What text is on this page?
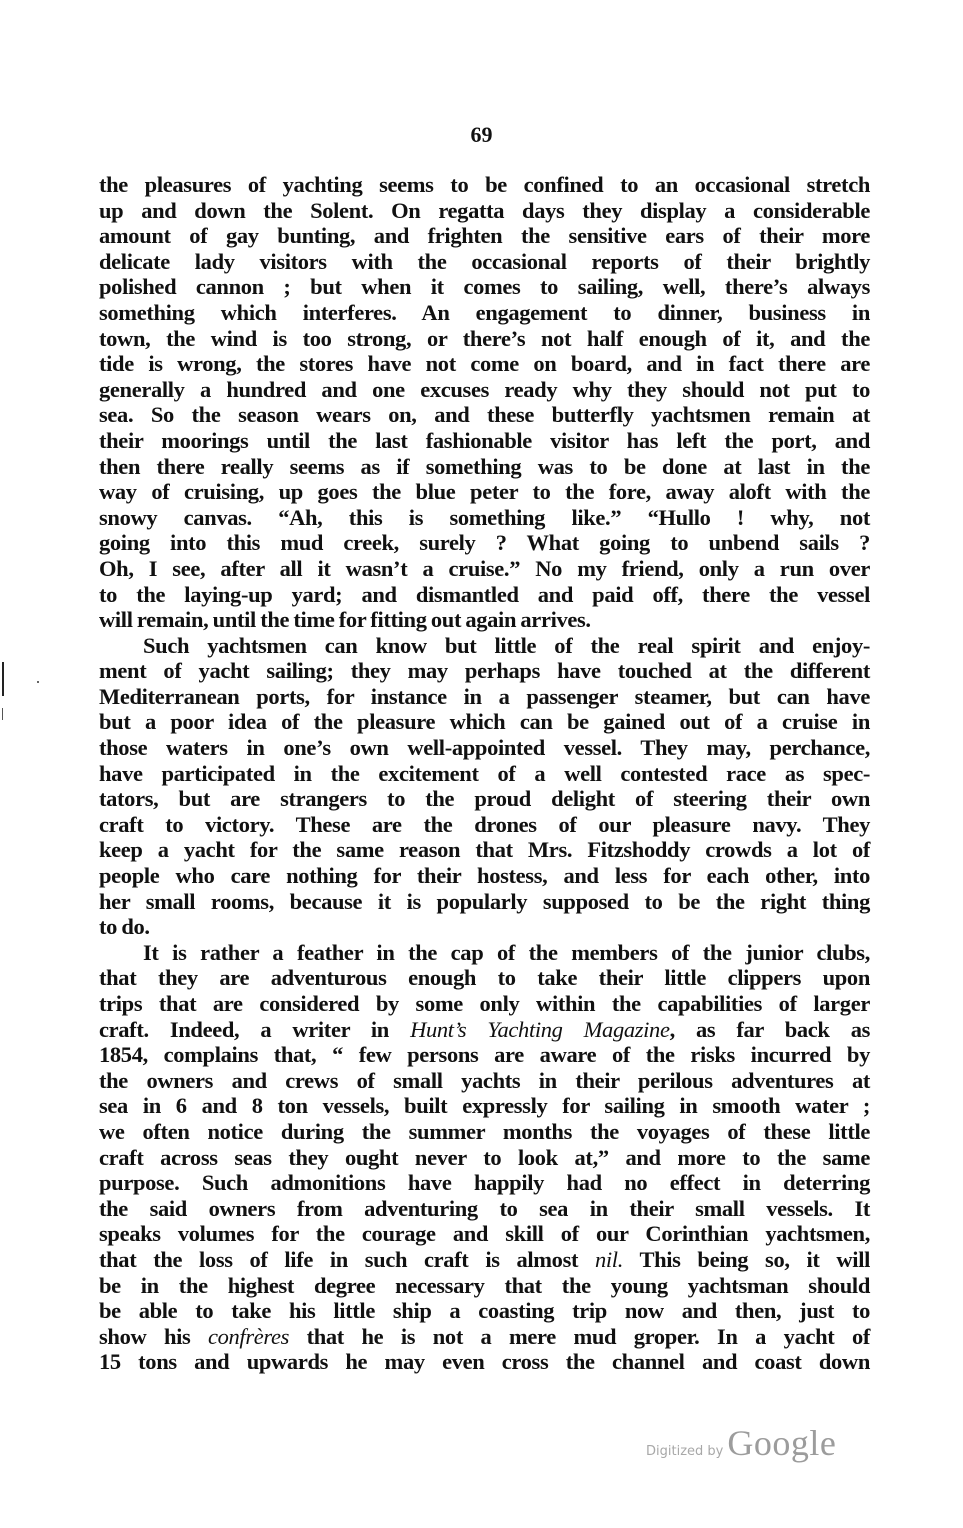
69
the pleasures of yachting seems to be confined to an occasional stretch
up and down the Solent. On regatta days they display a considerable
amount of gay bunting, and frighten the sensitive ears of their more
delicate lady visitors with the occasional reports of their brightly
polished cannon ; but when it comes to sailing, well, there’s always
something which interferes. An engagement to dinner, business in
town, the wind is too strong, or there’s not half enough of it, and the
tide is wrong, the stores have not come on board, and in fact there are
generally a hundred and one excuses ready why they should not put to
sea. So the season wears on, and these butterfly yachtsmen remain at
their moorings until the last fashionable visitor has left the port, and
then there really seems as if something was to be done at last in the
way of cruising, up goes the blue peter to the fore, away aloft with the
snowy canvas. “Ah, this is something like.” “Hullo ! why, not
going into this mud creek, surely ? What going to unbend sails ?
Oh, I see, after all it wasn’t a cruise.” No my friend, only a run over
to the laying-up yard; and dismantled and paid off, there the vessel
will remain, until the time for fitting out again arrives.
Such yachtsmen can know but little of the real spirit and enjoy-
ment of yacht sailing; they may perhaps have touched at the different
Mediterranean ports, for instance in a passenger steamer, but can have
but a poor idea of the pleasure which can be gained out of a cruise in
those waters in one’s own well-appointed vessel. They may, perchance,
have participated in the excitement of a well contested race as spec-
tators, but are strangers to the proud delight of steering their own
craft to victory. These are the drones of our pleasure navy. They
keep a yacht for the same reason that Mrs. Fitzshoddy crowds a lot of
people who care nothing for their hostess, and less for each other, into
her small rooms, because it is popularly supposed to be the right thing
to do.
It is rather a feather in the cap of the members of the junior clubs,
that they are adventurous enough to take their little clippers upon
trips that are considered by some only within the capabilities of larger
craft. Indeed, a writer in Hunt’s Yachting Magazine, as far back as
1854, complains that, “ few persons are aware of the risks incurred by
the owners and crews of small yachts in their perilous adventures at
sea in 6 and 8 ton vessels, built expressly for sailing in smooth water ;
we often notice during the summer months the voyages of these little
craft across seas they ought never to look at,” and more to the same
purpose. Such admonitions have happily had no effect in deterring
the said owners from adventuring to sea in their small vessels. It
speaks volumes for the courage and skill of our Corinthian yachtsmen,
that the loss of life in such craft is almost nil. This being so, it will
be in the highest degree necessary that the young yachtsman should
be able to take his little ship a coasting trip now and then, just to
show his confrères that he is not a mere mud groper. In a yacht of
15 tons and upwards he may even cross the channel and coast down
Digitized by Google
